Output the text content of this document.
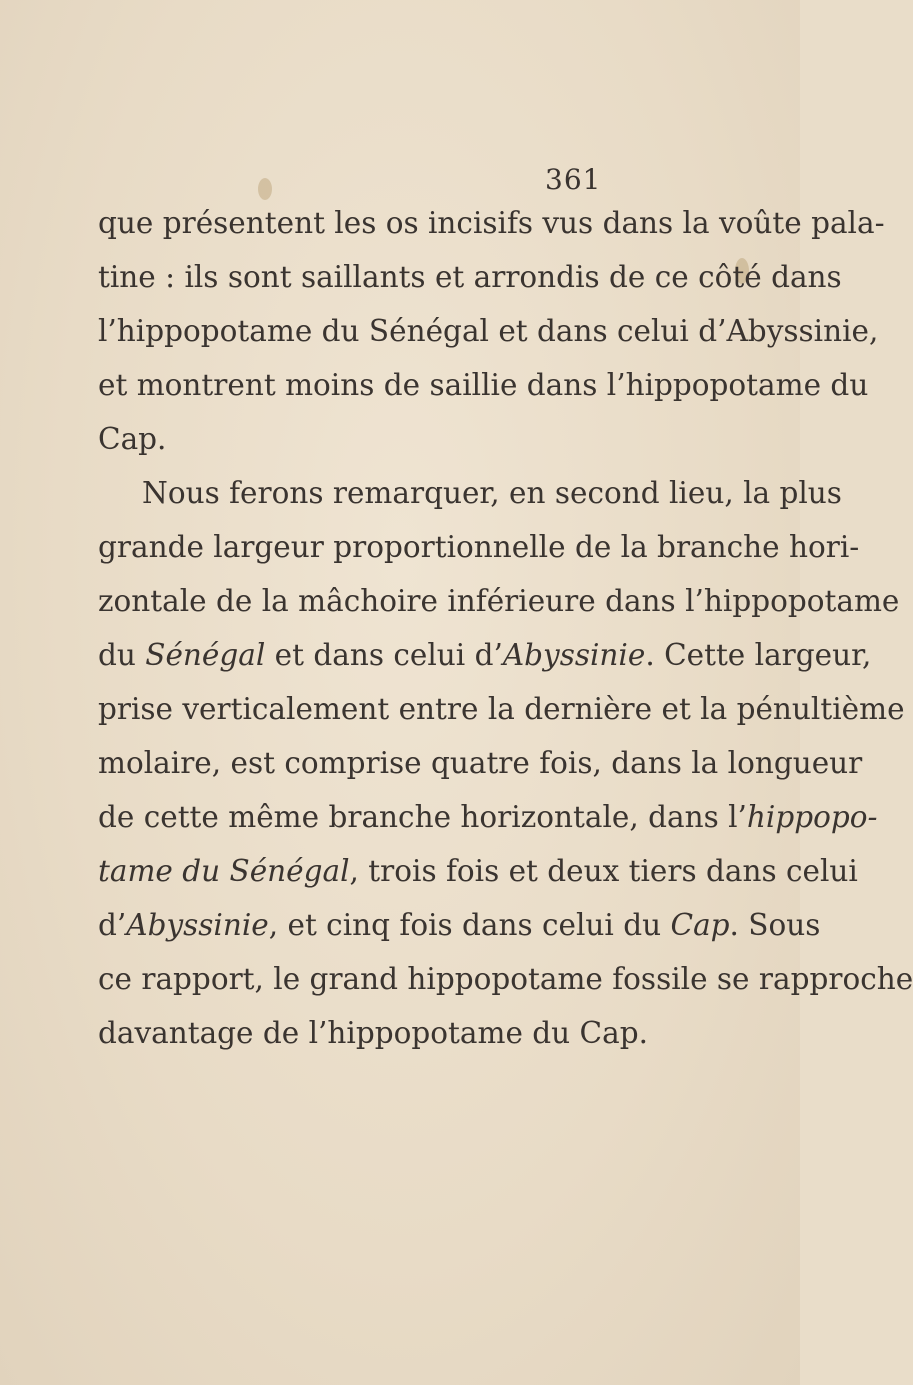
361
que présentent les os incisifs vus dans la voûte pala-
tine : ils sont saillants et arrondis de ce côté dans
l’hippopotame du Sénégal et dans celui d’Abyssinie,
et montrent moins de saillie dans l’hippopotame du
Cap.
Nous ferons remarquer, en second lieu, la plus
grande largeur proportionnelle de la branche hori-
zontale de la mâchoire inférieure dans l’hippopotame
du Sénégal et dans celui d’Abyssinie. Cette largeur,
prise verticalement entre la dernière et la pénultième
molaire, est comprise quatre fois, dans la longueur
de cette même branche horizontale, dans l’hippopo-
tame du Sénégal, trois fois et deux tiers dans celui
d’Abyssinie, et cinq fois dans celui du Cap. Sous
ce rapport, le grand hippopotame fossile se rapproche
davantage de l’hippopotame du Cap.
